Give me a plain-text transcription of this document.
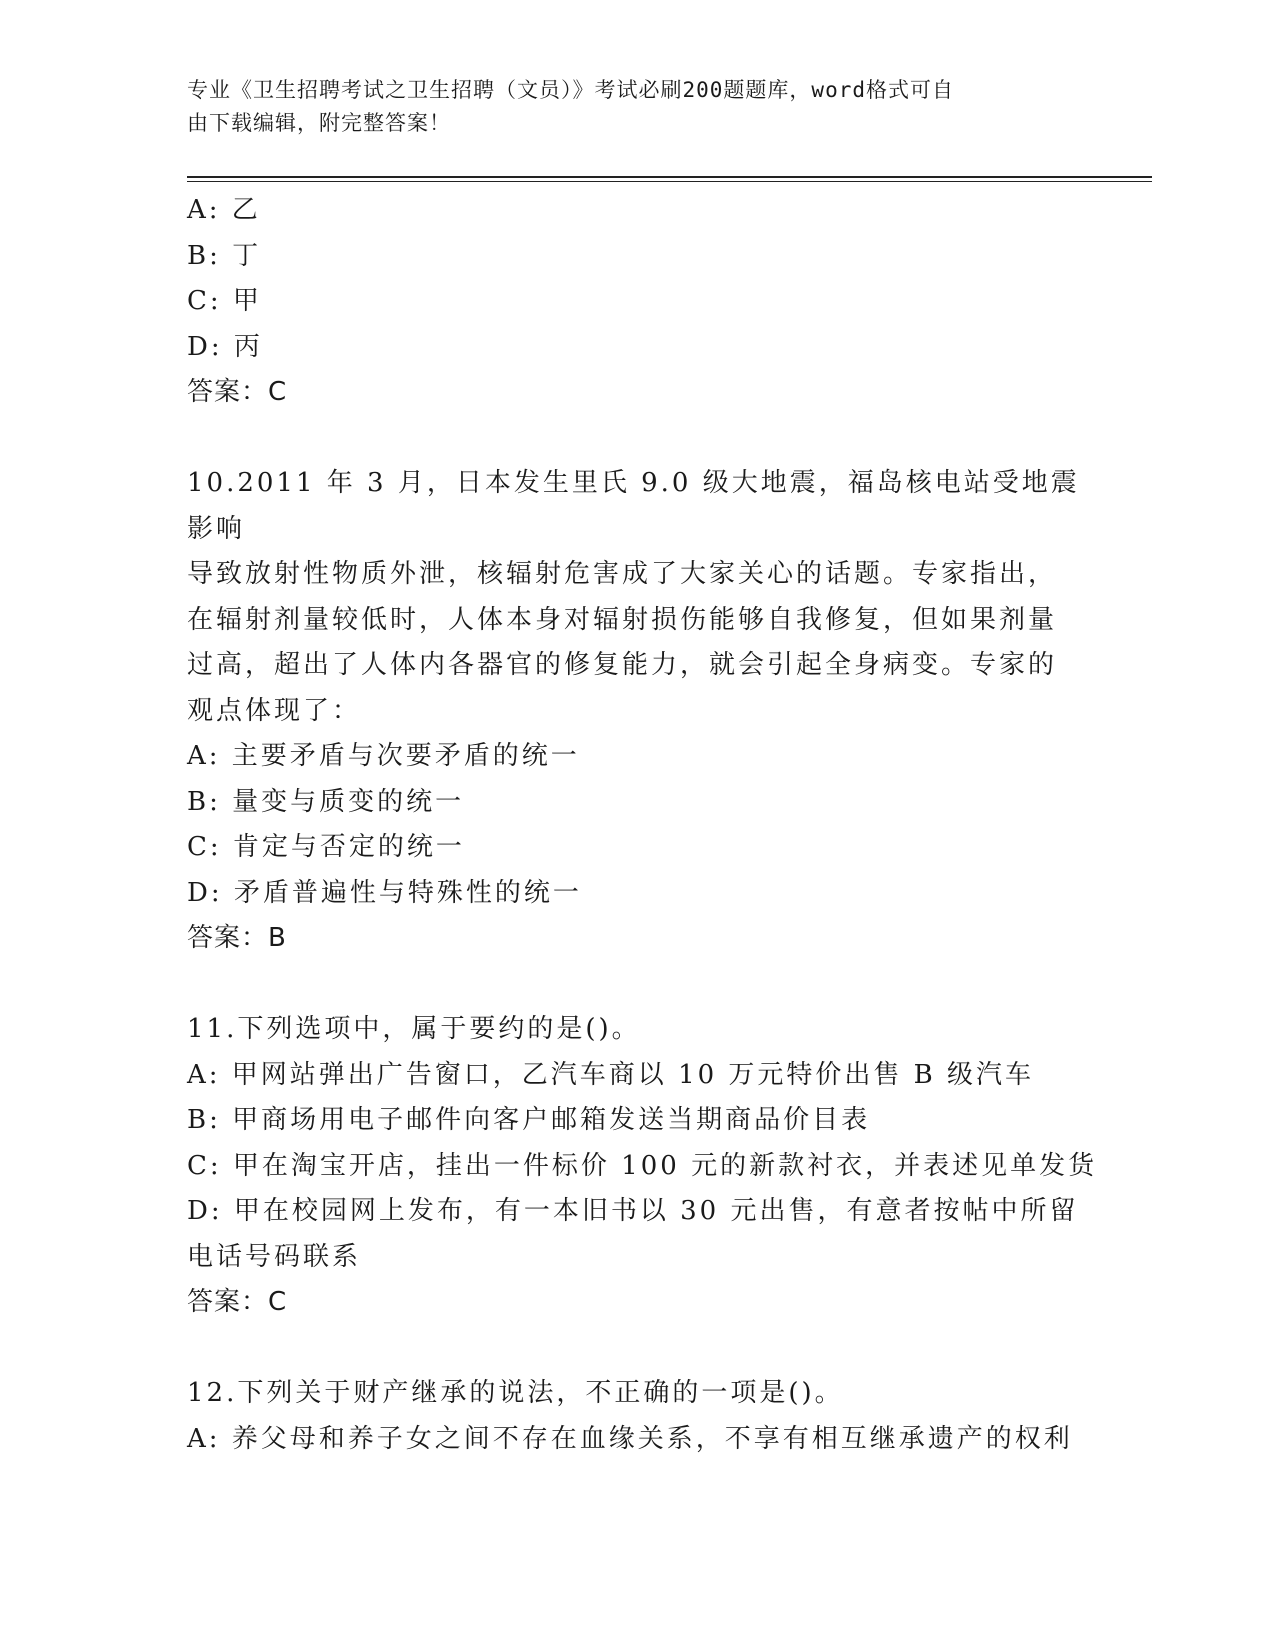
专业《卫生招聘考试之卫生招聘（文员）》考试必刷200题题库，word格式可自
由下载编辑，附完整答案！
A: 乙
B: 丁
C: 甲
D: 丙
答案：C
10.2011 年 3 月，日本发生里氏 9.0 级大地震，福岛核电站受地震影响
导致放射性物质外泄，核辐射危害成了大家关心的话题。专家指出，
在辐射剂量较低时，人体本身对辐射损伤能够自我修复，但如果剂量
过高，超出了人体内各器官的修复能力，就会引起全身病变。专家的
观点体现了：
A: 主要矛盾与次要矛盾的统一
B: 量变与质变的统一
C: 肯定与否定的统一
D: 矛盾普遍性与特殊性的统一
答案：B
11.下列选项中，属于要约的是()。
A: 甲网站弹出广告窗口，乙汽车商以 10 万元特价出售 B 级汽车
B: 甲商场用电子邮件向客户邮箱发送当期商品价目表
C: 甲在淘宝开店，挂出一件标价 100 元的新款衬衣，并表述见单发货
D: 甲在校园网上发布，有一本旧书以 30 元出售，有意者按帖中所留
电话号码联系
答案：C
12.下列关于财产继承的说法，不正确的一项是()。
A: 养父母和养子女之间不存在血缘关系，不享有相互继承遗产的权利
